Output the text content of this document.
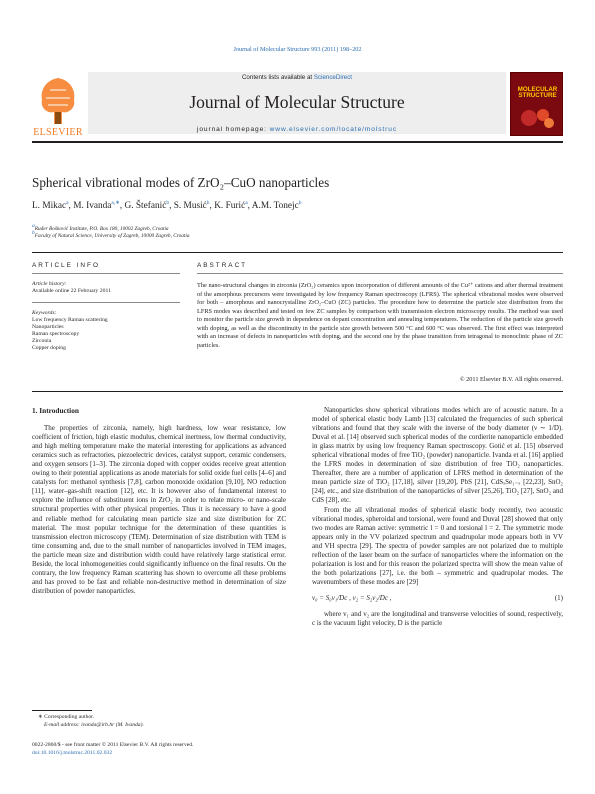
Journal of Molecular Structure 993 (2011) 198–202
Contents lists available at ScienceDirect
Journal of Molecular Structure
journal homepage: www.elsevier.com/locate/molstruc
ELSEVIER
MOLECULAR STRUCTURE
Spherical vibrational modes of ZrO₂–CuO nanoparticles
L. Mikac$^a$, M. Ivanda$^{a,∗}$, G. Štefanić$^b$, S. Musić$^b$, K. Furić$^a$, A.M. Tonejc$^b$
$^a$Ruđer Bošković Institute, P.O. Box 180, 10002 Zagreb, Croatia
$^b$Faculty of Natural Science, University of Zagreb, 10000 Zagreb, Croatia
ARTICLE INFO	ABSTRACT
Article history:
Available online 22 February 2011
Keywords:
Low frequency Raman scattering
Nanoparticles
Raman spectroscopy
Zirconia
Copper doping
The nano-structural changes in zirconia (ZrO₂) ceramics upon incorporation of different amounts of the Cu²⁺ cations and after thermal treatment of the amorphous precursors were investigated by low frequency Raman spectroscopy (LFRS). The spherical vibrational modes were observed for both – amorphous and nanocrystalline ZrO₂–CuO (ZC) particles. The procedure how to determine the particle size distribution from the LFRS modes was described and tested on few ZC samples by comparison with transmission electron microscopy results. The method was used to monitor the particle size growth in dependence on dopant concentration and annealing temperatures. The reduction of the particle size growth with doping, as well as the discontinuity in the particle size growth between 500 °C and 600 °C was observed. The first effect was interpreted with an increase of defects in nanoparticles with doping, and the second one by the phase transition from tetragonal to monoclinic phase of ZC particles.
© 2011 Elsevier B.V. All rights reserved.
1. Introduction

The properties of zirconia, namely, high hardness, low wear resistance, low coefficient of friction, high elastic modulus, chemical inertness, low thermal conductivity, and high melting temperature make the material interesting for applications as advanced ceramics such as refractories, piezoelectric devices, catalyst support, ceramic condensers, and oxygen sensors [1–3]. The zirconia doped with copper oxides receive great attention owing to their potential applications as anode materials for solid oxide fuel cells [4–6] and catalysts for: methanol synthesis [7,8], carbon monoxide oxidation [9,10], NO reduction [11], water–gas-shift reaction [12], etc. It is however also of fundamental interest to explore the influence of substituent ions in ZrO₂ in order to relate micro- or nano-scale structural properties with other physical properties. Thus it is necessary to have a good and reliable method for calculating mean particle size and size distribution for ZC material. The most popular technique for the determination of these quantities is transmission electron microscopy (TEM). Determination of size distribution with TEM is time consuming and, due to the small number of nanoparticles involved in TEM images, the particle mean size and distribution width could have relatively large statistical error. Beside, the local inhomogeneities could significantly influence on the final results. On the contrary, the low frequency Raman scattering has shown to overcome all these problems and has proved to be fast and reliable non-destructive method in determination of size distribution of powder nanoparticles.

Nanoparticles show spherical vibrations modes which are of acoustic nature. In a model of spherical elastic body Lamb [13] calculated the frequencies of such spherical vibrations and found that they scale with the inverse of the body diameter (ν ∼ 1/D). Duval et al. [14] observed such spherical modes of the cordierite nanoparticle embedded in glass matrix by using low frequency Raman spectroscopy. Gotić et al. [15] observed spherical vibrational modes of free TiO₂ (powder) nanoparticle. Ivanda et al. [16] applied the LFRS modes in determination of size distribution of free TiO₂ nanoparticles. Thereafter, there are a number of application of LFRS method in determination of the mean particle size of TiO₂ [17,18], silver [19,20], PbS [21], CdSₓSe₁₋ₓ [22,23], SnO₂ [24], etc., and size distribution of the nanoparticles of silver [25,26], TiO₂ [27], SnO₂ and CdS [28], etc.

From the all vibrational modes of spherical elastic body recently, two acoustic vibrational modes, spheroidal and torsional, were found and Duval [28] showed that only two modes are Raman active: symmetric l = 0 and torsional l = 2. The symmetric mode appears only in the VV polarized spectrum and quadrupolar mode appears both in VV and VH spectra [29]. The spectra of powder samples are not polarized due to multiple reflection of the laser beam on the surface of nanoparticles where the information on the polarization is lost and for this reason the polarized spectra will show the mean value of the both polarizations [27], i.e. the both – symmetric and quadrupolar modes. The wavenumbers of these modes are [29]

ν₀ = S₀v₁/Dc , ν₂ = S₂v₂/Dc ,	(1)

where v₁ and v₂ are the longitudinal and transverse velocities of sound, respectively, c is the vacuum light velocity, D is the particle

∗ Corresponding author.
E-mail address: ivanda@irb.hr (M. Ivanda).
0022-2860/$ - see front matter © 2011 Elsevier B.V. All rights reserved.
doi:10.1016/j.molstruc.2011.02.032
